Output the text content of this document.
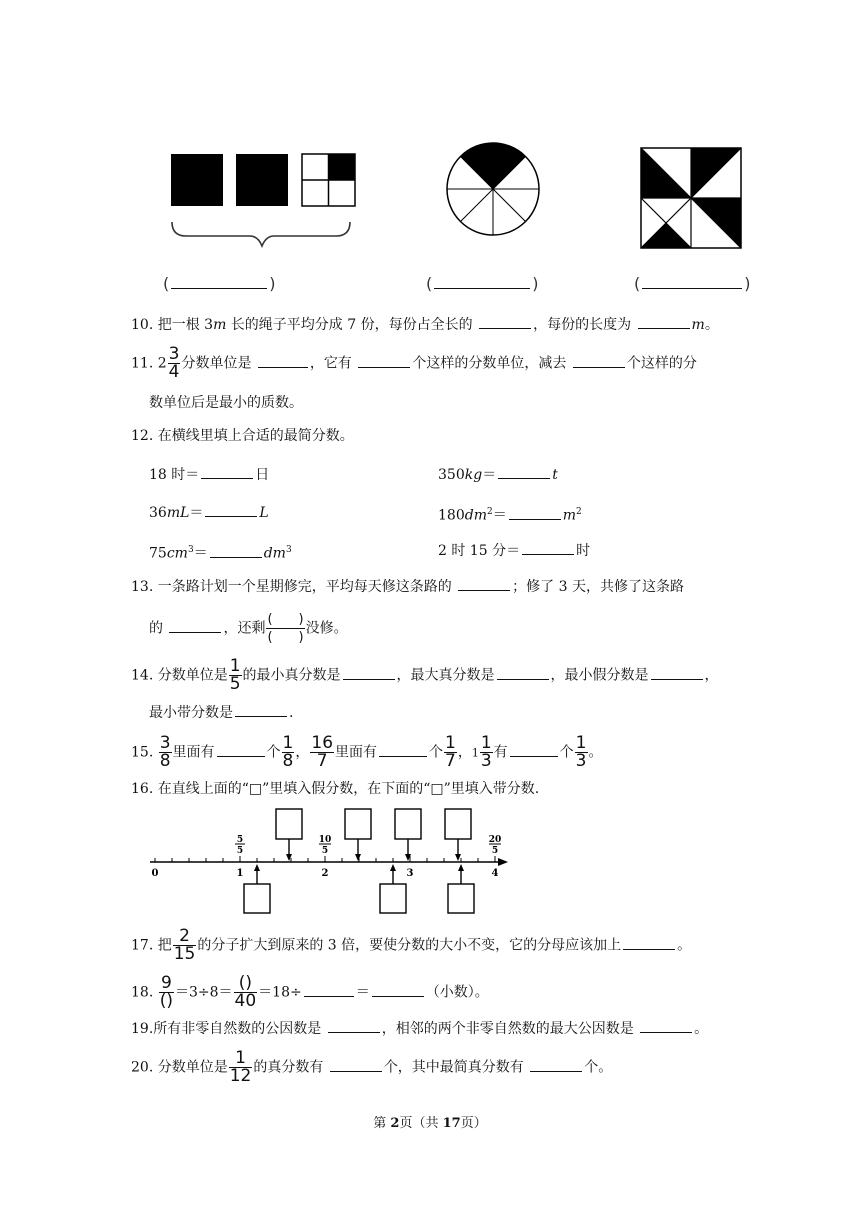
(	)	(	)	(	)
10. 把一根 3m 长的绳子平均分成 7 份，每份占全长的	，每份的长度为	m。
11. $2 \frac{3}{4}$ 分数单位是	，它有	个这样的分数单位，减去	个这样的分
数单位后是最小的质数。
12. 在横线里填上合适的最简分数。
18 时＝	日	350kg＝	t
36mL＝	L	$180dm^2=$	$m^2$
$75cm^3=$	$dm^3$	2 时 15 分＝	时
13. 一条路计划一个星期修完，平均每天修这条路的	；修了 3 天，共修了这条路
的	，还剩 $\frac{( )}{( )}$ 没修。
14. 分数单位是 $\frac{1}{5}$ 的最小真分数是	，最大真分数是	，最小假分数是	，
最小带分数是	.
15. $\frac{3}{8}$ 里面有	个 $\frac{1}{8}$ ， $\frac{16}{7}$ 里面有	个 $\frac{1}{7}$ ，$1 \frac{1}{3}$ 有	个 $\frac{1}{3}$ 。
16. 在直线上面的“□”里填入假分数，在下面的“□”里填入带分数.
0	1	2	3	4
5
5
10
5
20
5
17. 把 $\frac{2}{15}$ 的分子扩大到原来的 3 倍，要使分数的大小不变，它的分母应该加上	。
18. $\frac{9}{()} =3\div 8= \frac{()}{40} =18\div$	＝	（小数）。
19.所有非零自然数的公因数是	，相邻的两个非零自然数的最大公因数是	。
20. 分数单位是 $\frac{1}{12}$ 的真分数有	个，其中最简真分数有	个。
第 2页（共 17页）
